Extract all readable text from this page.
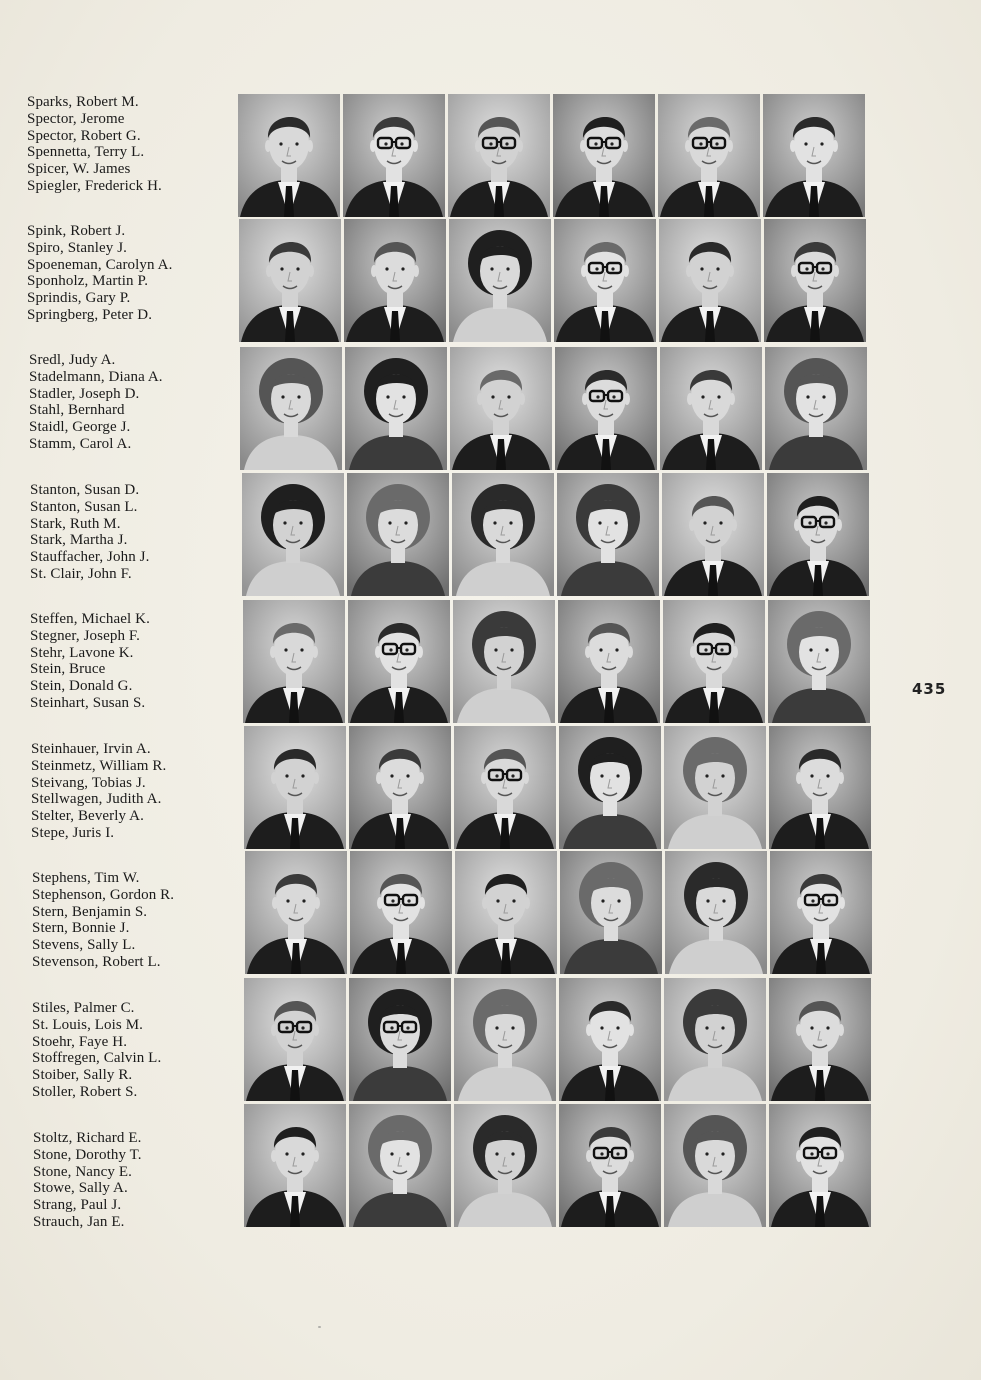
Sparks, Robert M.
Spector, Jerome
Spector, Robert G.
Spennetta, Terry L.
Spicer, W. James
Spiegler, Frederick H.
Spink, Robert J.
Spiro, Stanley J.
Spoeneman, Carolyn A.
Sponholz, Martin P.
Sprindis, Gary P.
Springberg, Peter D.
Sredl, Judy A.
Stadelmann, Diana A.
Stadler, Joseph D.
Stahl, Bernhard
Staidl, George J.
Stamm, Carol A.
Stanton, Susan D.
Stanton, Susan L.
Stark, Ruth M.
Stark, Martha J.
Stauffacher, John J.
St. Clair, John F.
Steffen, Michael K.
Stegner, Joseph F.
Stehr, Lavone K.
Stein, Bruce
Stein, Donald G.
Steinhart, Susan S.
Steinhauer, Irvin A.
Steinmetz, William R.
Steivang, Tobias J.
Stellwagen, Judith A.
Stelter, Beverly A.
Stepe, Juris I.
Stephens, Tim W.
Stephenson, Gordon R.
Stern, Benjamin S.
Stern, Bonnie J.
Stevens, Sally L.
Stevenson, Robert L.
Stiles, Palmer C.
St. Louis, Lois M.
Stoehr, Faye H.
Stoffregen, Calvin L.
Stoiber, Sally R.
Stoller, Robert S.
Stoltz, Richard E.
Stone, Dorothy T.
Stone, Nancy E.
Stowe, Sally A.
Strang, Paul J.
Strauch, Jan E.
435
